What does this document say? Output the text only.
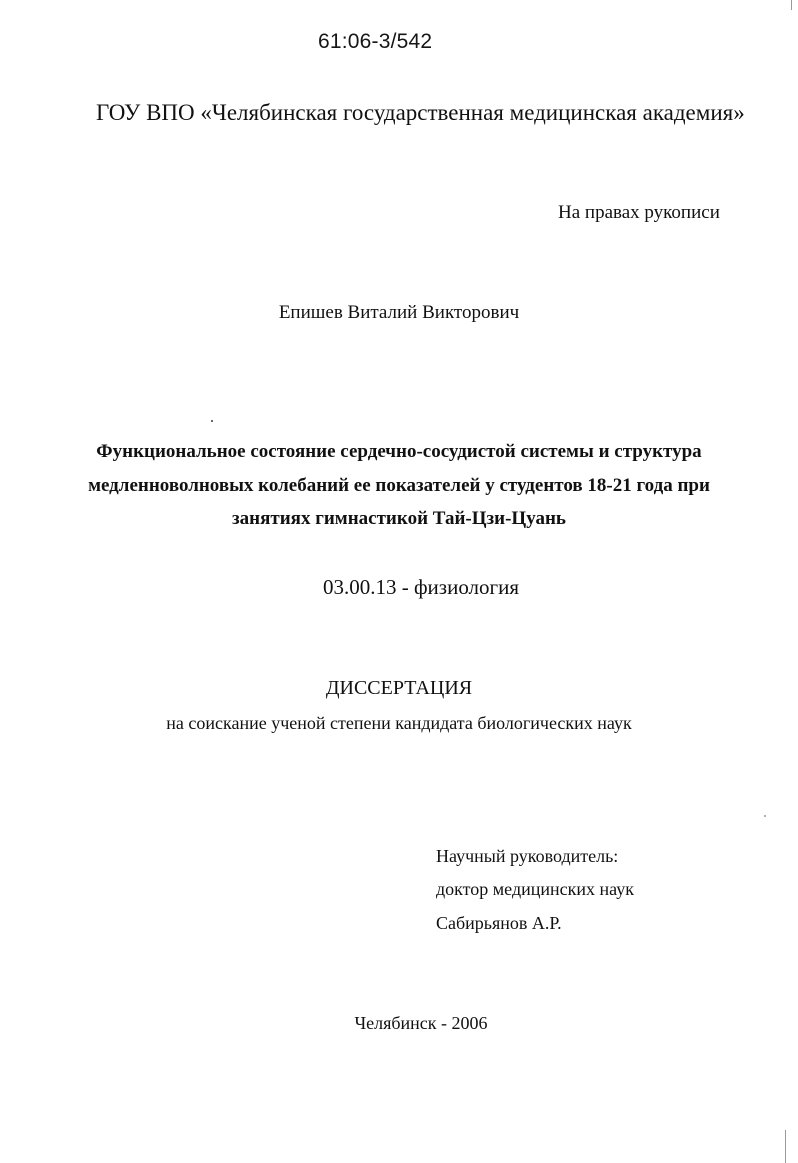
61:06-3/542
ГОУ ВПО «Челябинская государственная медицинская академия»
На правах рукописи
Епишев Виталий Викторович
Функциональное состояние сердечно-сосудистой системы и структура
медленноволновых колебаний ее показателей у студентов 18-21 года при
занятиях гимнастикой Тай-Цзи-Цуань
03.00.13 - физиология
ДИССЕРТАЦИЯ
на соискание ученой степени кандидата биологических наук
Научный руководитель:
доктор медицинских наук
Сабирьянов А.Р.
Челябинск - 2006
